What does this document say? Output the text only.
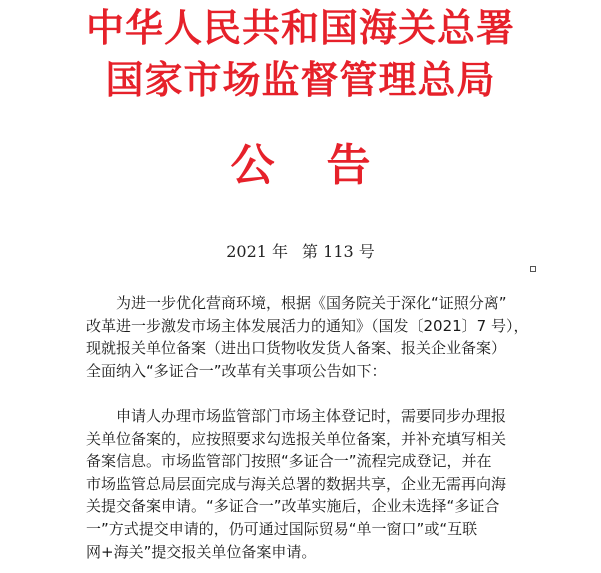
中华人民共和国海关总署
国家市场监督管理总局
公告
2021 年 第 113 号
为进一步优化营商环境，根据《国务院关于深化“证照分离”
改革进一步激发市场主体发展活力的通知》（国发〔2021〕7 号），
现就报关单位备案（进出口货物收发货人备案、报关企业备案）
全面纳入“多证合一”改革有关事项公告如下：
申请人办理市场监管部门市场主体登记时，需要同步办理报
关单位备案的，应按照要求勾选报关单位备案，并补充填写相关
备案信息。市场监管部门按照“多证合一”流程完成登记，并在
市场监管总局层面完成与海关总署的数据共享，企业无需再向海
关提交备案申请。“多证合一”改革实施后，企业未选择“多证合
一”方式提交申请的，仍可通过国际贸易“单一窗口”或“互联
网+海关”提交报关单位备案申请。
